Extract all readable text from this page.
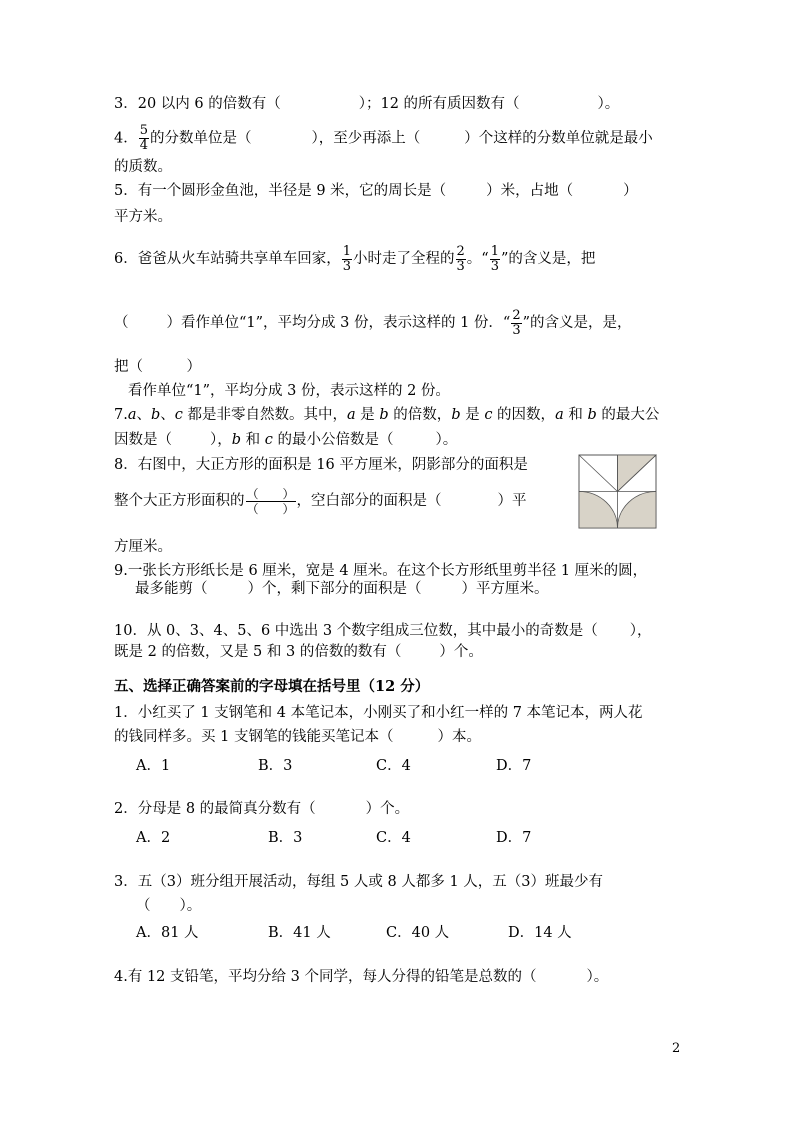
3．20 以内 6 的倍数有（	）；12 的所有质因数有（	）。
4． $\frac{5}{4}$ 的分数单位是（	），至少再添上（	）个这样的分数单位就是最小
的质数。
5．有一个圆形金鱼池，半径是 9 米，它的周长是（	）米，占地（	）
平方米。
6．爸爸从火车站骑共享单车回家， $\frac{1}{3}$ 小时走了全程的 $\frac{2}{3}$ 。“ $\frac{1}{3}$ ”的含义是，把
（	）看作单位“1”，平均分成 3 份，表示这样的 1 份．“ $\frac{2}{3}$ ”的含义是，是，
把（　　　）
看作单位“1”，平均分成 3 份，表示这样的 2 份。
7.a、b、c 都是非零自然数。其中，a 是 b 的倍数，b 是 c 的因数，a 和 b 的最大公
因数是（	），b 和 c 的最小公倍数是（	）。
8．右图中，大正方形的面积是 16 平方厘米，阴影部分的面积是
整个大正方形面积的 $\frac{( )}{( )}$ ，空白部分的面积是（	）平
方厘米。
9.一张长方形纸长是 6 厘米，宽是 4 厘米。在这个长方形纸里剪半径 1 厘米的圆，
最多能剪（	）个，剩下部分的面积是（	）平方厘米。
10．从 0、3、4、5、6 中选出 3 个数字组成三位数，其中最小的奇数是（ ），
既是 2 的倍数，又是 5 和 3 的倍数的数有（	）个。
五、选择正确答案前的字母填在括号里（12 分）
1．小红买了 1 支钢笔和 4 本笔记本，小刚买了和小红一样的 7 本笔记本，两人花
的钱同样多。买 1 支钢笔的钱能买笔记本（	）本。
A．1	B．3	C．4	D．7
2．分母是 8 的最简真分数有（	）个。
A．2	B．3	C．4	D．7
3．五（3）班分组开展活动，每组 5 人或 8 人都多 1 人，五（3）班最少有
（　　）。
A．81 人	B．41 人	C．40 人	D．14 人
4.有 12 支铅笔，平均分给 3 个同学，每人分得的铅笔是总数的（	）。
2
